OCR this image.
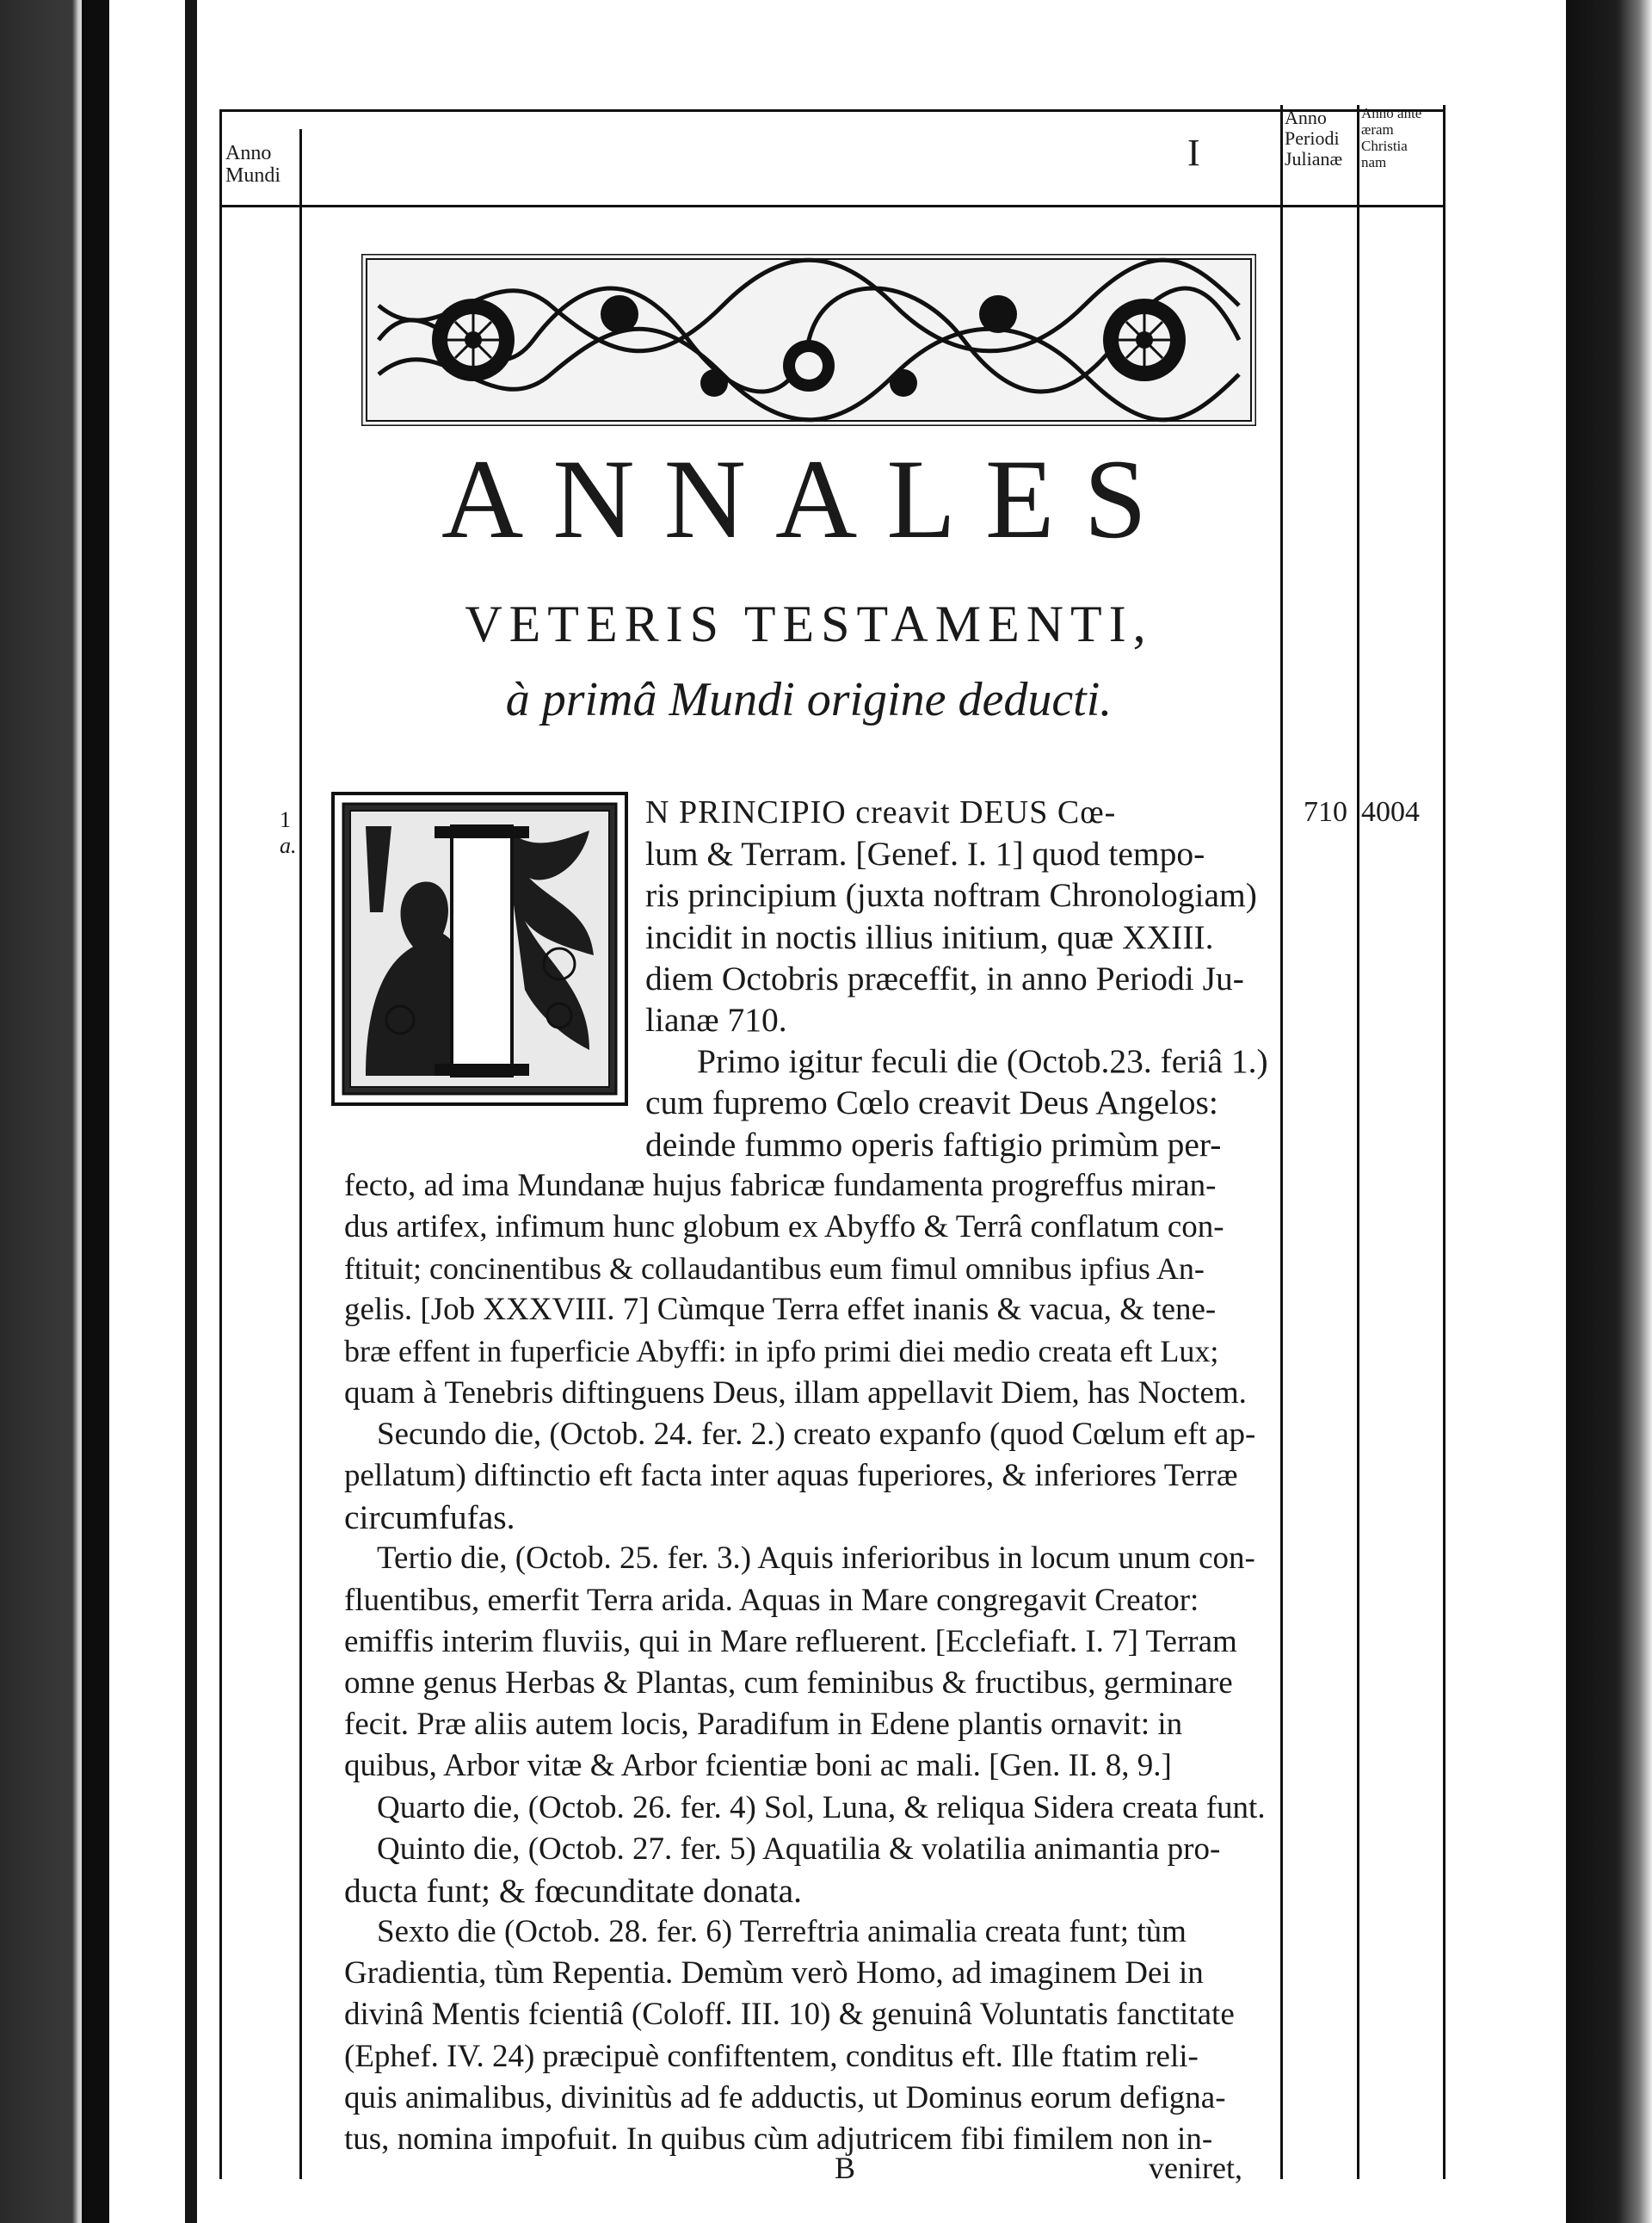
Anno
Mundi
Anno
Periodi
Julianæ
Anno ante
æram
Christia
nam
I
ANNALES
VETERIS TESTAMENTI,
à primâ Mundi origine deducti.
1
a.
710 4004
N PRINCIPIO creavit DEUS Cœ-
lum & Terram. [Genef. I. 1] quod tempo-
ris principium (juxta noftram Chronologiam)
incidit in noctis illius initium, quæ XXIII.
diem Octobris præceffit, in anno Periodi Ju-
lianæ 710.
Primo igitur feculi die (Octob.23. feriâ 1.)
cum fupremo Cœlo creavit Deus Angelos:
deinde fummo operis faftigio primùm per-
fecto, ad ima Mundanæ hujus fabricæ fundamenta progreffus miran-
dus artifex, infimum hunc globum ex Abyffo & Terrâ conflatum con-
ftituit; concinentibus & collaudantibus eum fimul omnibus ipfius An-
gelis. [Job XXXVIII. 7] Cùmque Terra effet inanis & vacua, & tene-
bræ effent in fuperficie Abyffi: in ipfo primi diei medio creata eft Lux;
quam à Tenebris diftinguens Deus, illam appellavit Diem, has Noctem.
Secundo die, (Octob. 24. fer. 2.) creato expanfo (quod Cœlum eft ap-
pellatum) diftinctio eft facta inter aquas fuperiores, & inferiores Terræ
circumfufas.
Tertio die, (Octob. 25. fer. 3.) Aquis inferioribus in locum unum con-
fluentibus, emerfit Terra arida. Aquas in Mare congregavit Creator:
emiffis interim fluviis, qui in Mare refluerent. [Ecclefiaft. I. 7] Terram
omne genus Herbas & Plantas, cum feminibus & fructibus, germinare
fecit. Præ aliis autem locis, Paradifum in Edene plantis ornavit: in
quibus, Arbor vitæ & Arbor fcientiæ boni ac mali. [Gen. II. 8, 9.]
Quarto die, (Octob. 26. fer. 4) Sol, Luna, & reliqua Sidera creata funt.
Quinto die, (Octob. 27. fer. 5) Aquatilia & volatilia animantia pro-
ducta funt; & fœcunditate donata.
Sexto die (Octob. 28. fer. 6) Terreftria animalia creata funt; tùm
Gradientia, tùm Repentia. Demùm verò Homo, ad imaginem Dei in
divinâ Mentis fcientiâ (Coloff. III. 10) & genuinâ Voluntatis fanctitate
(Ephef. IV. 24) præcipuè confiftentem, conditus eft. Ille ftatim reli-
quis animalibus, divinitùs ad fe adductis, ut Dominus eorum defigna-
tus, nomina impofuit. In quibus cùm adjutricem fibi fimilem non in-
B	veniret,
